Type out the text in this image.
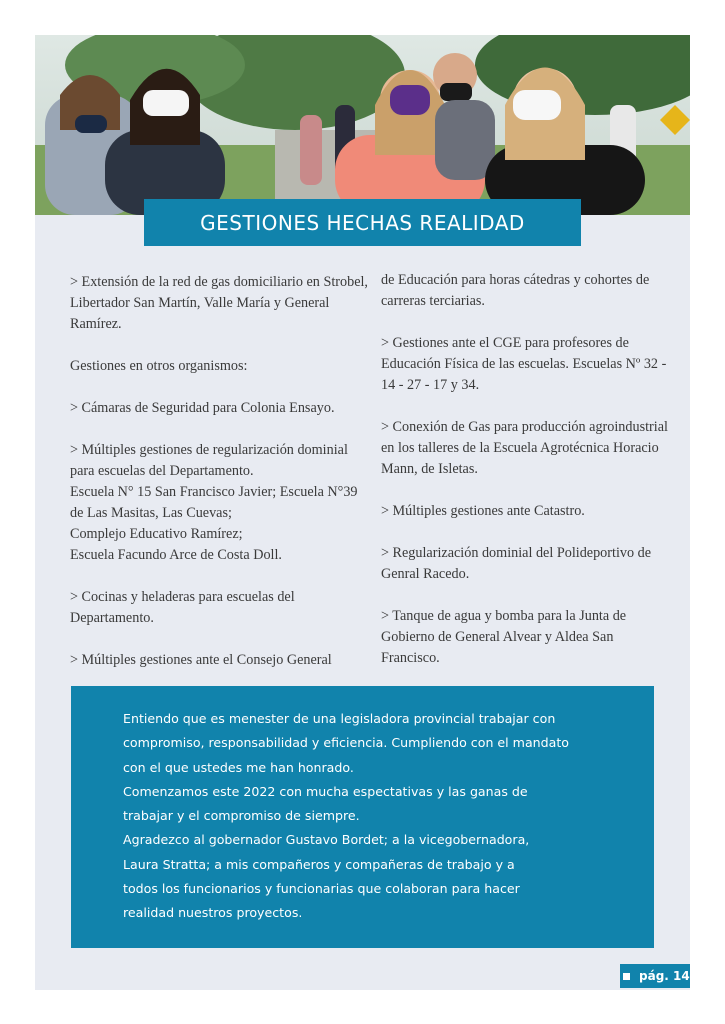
GESTIONES HECHAS REALIDAD

> Extensión de la red de gas domiciliario en Strobel, Libertador San Martín, Valle María y General Ramírez.

Gestiones en otros organismos:

> Cámaras de Seguridad para Colonia Ensayo.

> Múltiples gestiones de regularización dominial para escuelas del Departamento.

Escuela N° 15 San Francisco Javier; Escuela N°39 de Las Masitas, Las Cuevas;

Complejo Educativo Ramírez;

Escuela Facundo Arce de Costa Doll.

> Cocinas y heladeras para escuelas del Departamento.

> Múltiples gestiones ante el Consejo General

de Educación para horas cátedras y cohortes de carreras terciarias.

> Gestiones ante el CGE para profesores de Educación Física de las escuelas. Escuelas Nº 32 - 14 - 27 - 17 y 34.

> Conexión de Gas para producción agroindustrial en los talleres de la Escuela Agrotécnica Horacio Mann, de Isletas.

> Múltiples gestiones ante Catastro.

> Regularización dominial del Polideportivo de Genral Racedo.

> Tanque de agua y bomba para la Junta de Gobierno de General Alvear y Aldea San Francisco.

Entiendo que es menester de una legisladora provincial trabajar con
compromiso, responsabilidad y eficiencia. Cumpliendo con el mandato
con el que ustedes me han honrado.
Comenzamos este 2022 con mucha espectativas y las ganas de
trabajar y el compromiso de siempre.
Agradezco al gobernador Gustavo Bordet; a la vicegobernadora,
Laura Stratta; a mis compañeros y compañeras de trabajo y a
todos los funcionarios y funcionarias que colaboran para hacer
realidad nuestros proyectos.
pág. 14
